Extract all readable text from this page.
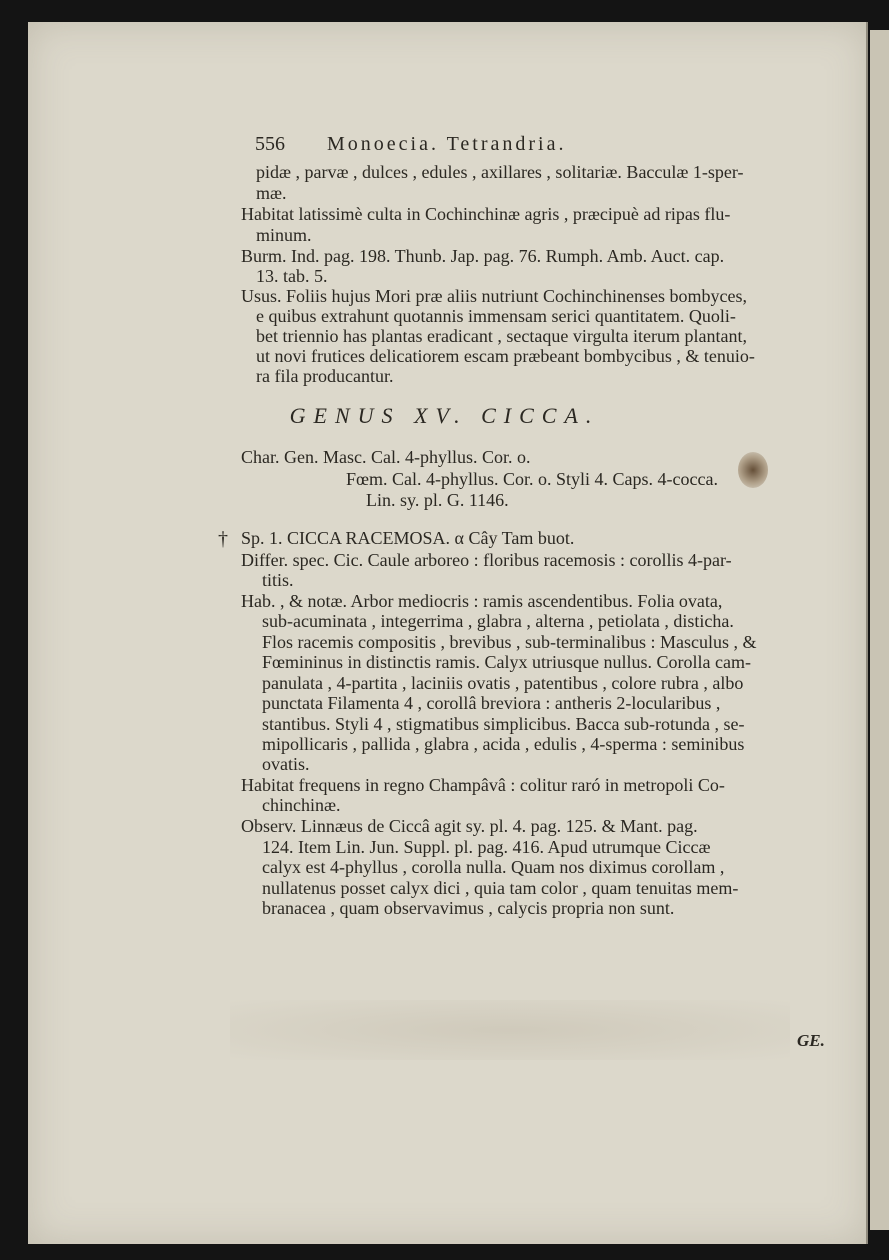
556 Monoecia. Tetrandria.
pidæ , parvæ , dulces , edules , axillares , solitariæ. Bacculæ 1-sper-
mæ.
Habitat latissimè culta in Cochinchinæ agris , præcipuè ad ripas flu-
minum.
Burm. Ind. pag. 198. Thunb. Jap. pag. 76. Rumph. Amb. Auct. cap.
13. tab. 5.
Usus. Foliis hujus Mori præ aliis nutriunt Cochinchinenses bombyces,
e quibus extrahunt quotannis immensam serici quantitatem. Quoli-
bet triennio has plantas eradicant , sectaque virgulta iterum plantant,
ut novi frutices delicatiorem escam præbeant bombycibus , & tenuio-
ra fila producantur.
GENUS XV. CICCA.
Char. Gen. Masc. Cal. 4-phyllus. Cor. o.
Fœm. Cal. 4-phyllus. Cor. o. Styli 4. Caps. 4-cocca.
Lin. sy. pl. G. 1146.
† Sp. 1. CICCA RACEMOSA. α Cây Tam buot.
Differ. spec. Cic. Caule arboreo : floribus racemosis : corollis 4-par-
titis.
Hab. , & notæ. Arbor mediocris : ramis ascendentibus. Folia ovata,
sub-acuminata , integerrima , glabra , alterna , petiolata , disticha.
Flos racemis compositis , brevibus , sub-terminalibus : Masculus , &
Fœmininus in distinctis ramis. Calyx utriusque nullus. Corolla cam-
panulata , 4-partita , laciniis ovatis , patentibus , colore rubra , albo
punctata Filamenta 4 , corollâ breviora : antheris 2-locularibus ,
stantibus. Styli 4 , stigmatibus simplicibus. Bacca sub-rotunda , se-
mipollicaris , pallida , glabra , acida , edulis , 4-sperma : seminibus
ovatis.
Habitat frequens in regno Champâvâ : colitur raró in metropoli Co-
chinchinæ.
Observ. Linnæus de Ciccâ agit sy. pl. 4. pag. 125. & Mant. pag.
124. Item Lin. Jun. Suppl. pl. pag. 416. Apud utrumque Ciccæ
calyx est 4-phyllus , corolla nulla. Quam nos diximus corollam ,
nullatenus posset calyx dici , quia tam color , quam tenuitas mem-
branacea , quam observavimus , calycis propria non sunt.
GE.
